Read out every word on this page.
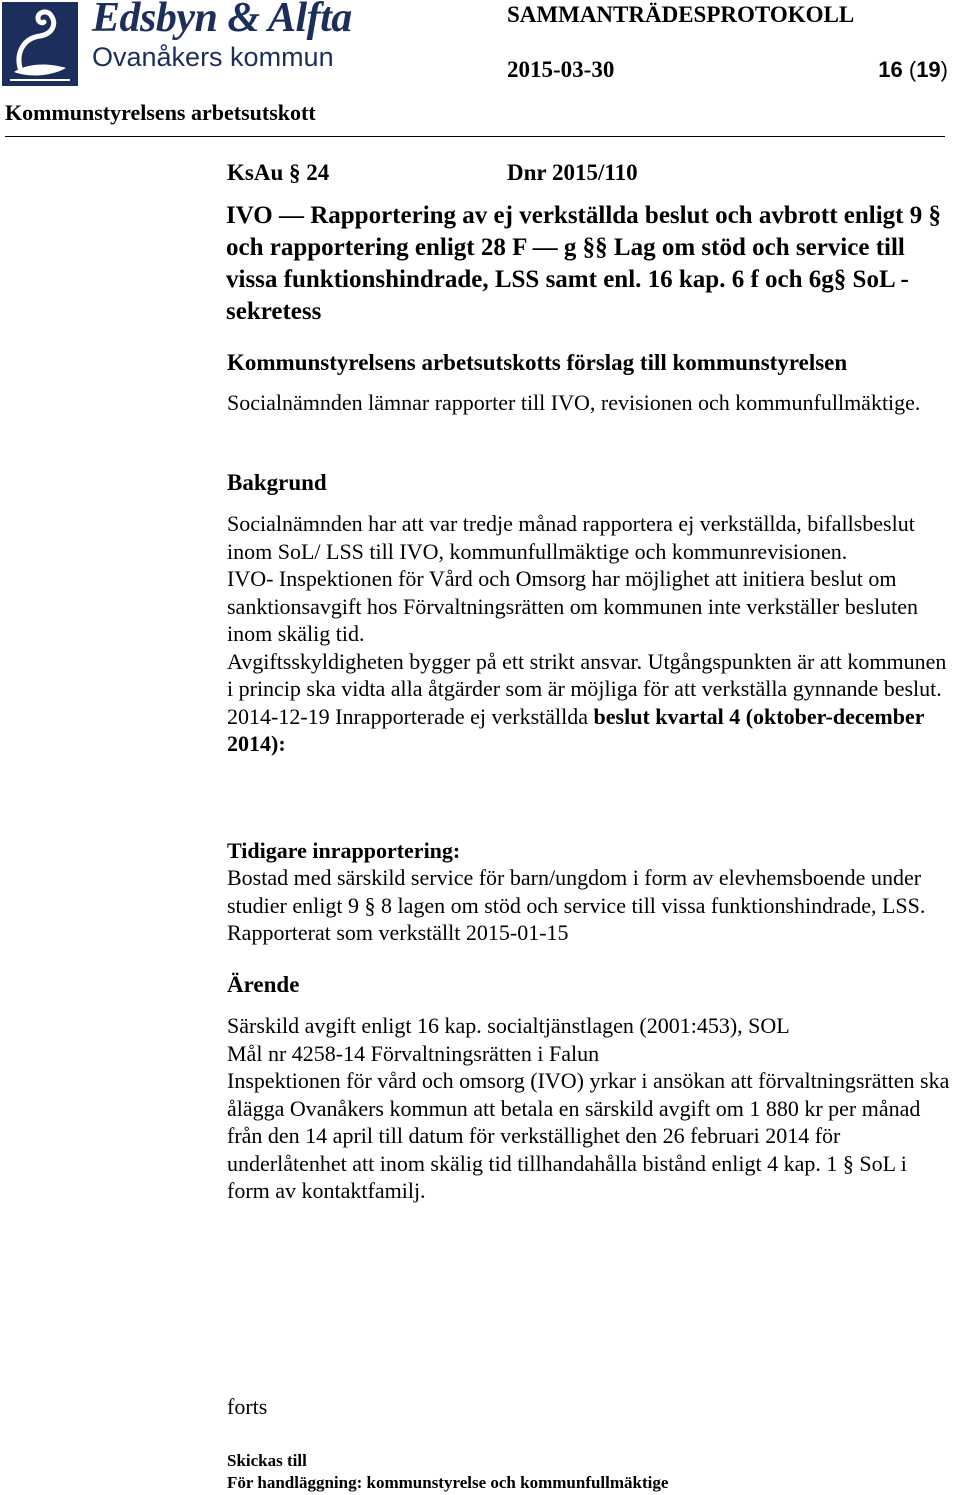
Edsbyn & Alfta
Ovanåkers kommun
SAMMANTRÄDESPROTOKOLL
2015-03-30	16 (19)
Kommunstyrelsens arbetsutskott
KsAu § 24	Dnr 2015/110
IVO — Rapportering av ej verkställda beslut och avbrott enligt 9 § och rapportering enligt 28 F — g §§ Lag om stöd och service till vissa funktionshindrade, LSS samt enl. 16 kap. 6 f och 6g§ SoL - sekretess
Kommunstyrelsens arbetsutskotts förslag till kommunstyrelsen
Socialnämnden lämnar rapporter till IVO, revisionen och kommunfullmäktige.
Bakgrund

Socialnämnden har att var tredje månad rapportera ej verkställda, bifallsbeslut inom SoL/ LSS till IVO, kommunfullmäktige och kommunrevisionen.

IVO- Inspektionen för Vård och Omsorg har möjlighet att initiera beslut om sanktionsavgift hos Förvaltningsrätten om kommunen inte verkställer besluten inom skälig tid.

Avgiftsskyldigheten bygger på ett strikt ansvar. Utgångspunkten är att kommunen i princip ska vidta alla åtgärder som är möjliga för att verkställa gynnande beslut.

2014-12-19 Inrapporterade ej verkställda beslut kvartal 4 (oktober-december 2014):

Tidigare inrapportering:
Bostad med särskild service för barn/ungdom i form av elevhemsboende under studier enligt 9 § 8 lagen om stöd och service till vissa funktionshindrade, LSS. Rapporterat som verkställt 2015-01-15
Ärende

Särskild avgift enligt 16 kap. socialtjänstlagen (2001:453), SOL

Mål nr 4258-14 Förvaltningsrätten i Falun

Inspektionen för vård och omsorg (IVO) yrkar i ansökan att förvaltningsrätten ska ålägga Ovanåkers kommun att betala en särskild avgift om 1 880 kr per månad från den 14 april till datum för verkställighet den 26 februari 2014 för underlåtenhet att inom skälig tid tillhandahålla bistånd enligt 4 kap. 1 § SoL i form av kontaktfamilj.

forts
Skickas till
För handläggning: kommunstyrelse och kommunfullmäktige
